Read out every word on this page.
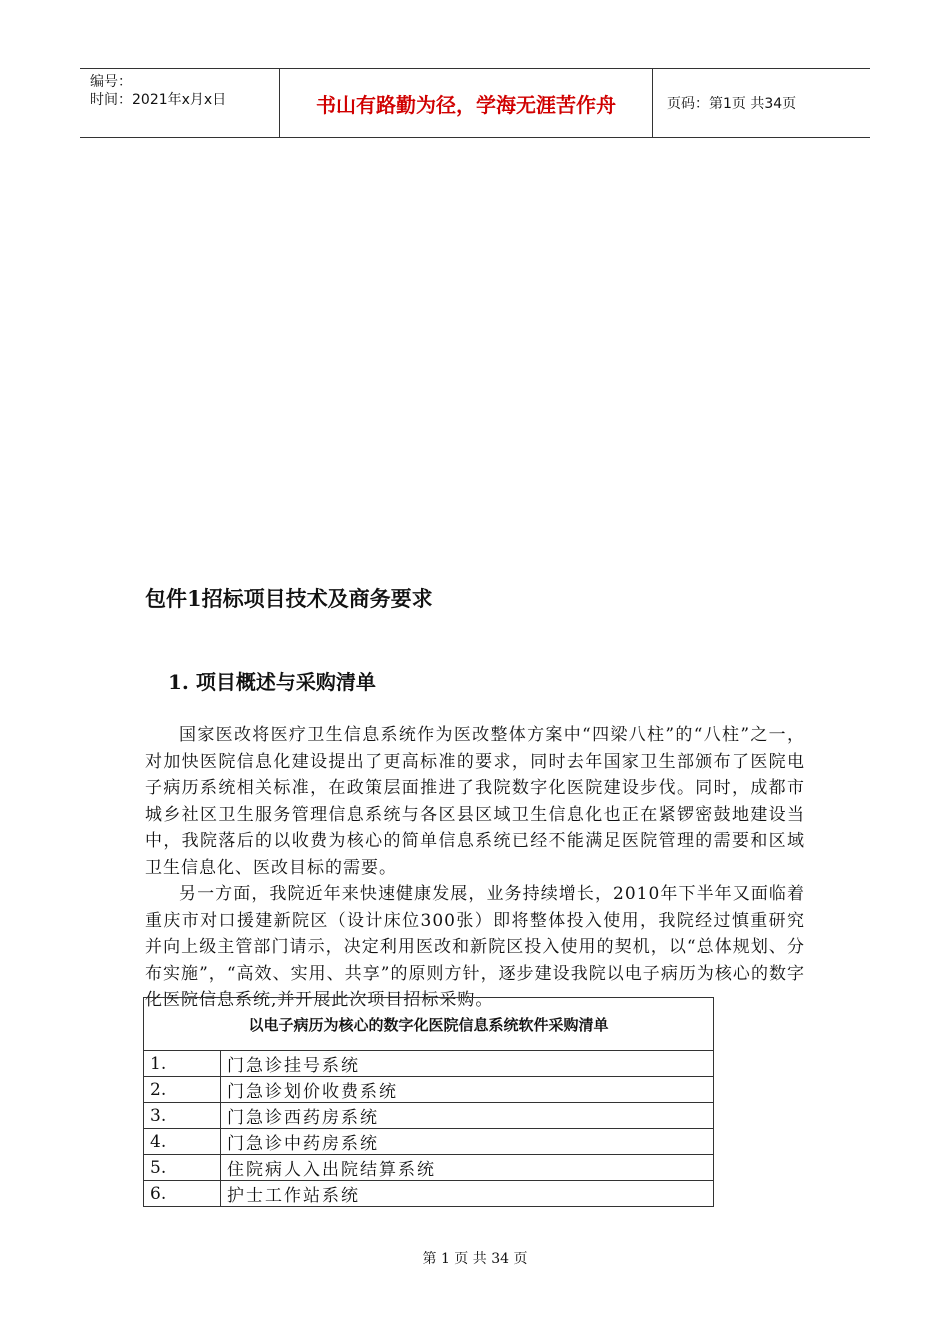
编号：
时间：2021年x月x日	书山有路勤为径，学海无涯苦作舟	页码：第1页 共34页
包件1招标项目技术及商务要求
1. 项目概述与采购清单

国家医改将医疗卫生信息系统作为医改整体方案中“四梁八柱”的“八柱”之一，对加快医院信息化建设提出了更高标准的要求，同时去年国家卫生部颁布了医院电子病历系统相关标准，在政策层面推进了我院数字化医院建设步伐。同时，成都市城乡社区卫生服务管理信息系统与各区县区域卫生信息化也正在紧锣密鼓地建设当中，我院落后的以收费为核心的简单信息系统已经不能满足医院管理的需要和区域卫生信息化、医改目标的需要。

另一方面，我院近年来快速健康发展，业务持续增长，2010年下半年又面临着重庆市对口援建新院区（设计床位300张）即将整体投入使用，我院经过慎重研究并向上级主管部门请示，决定利用医改和新院区投入使用的契机，以“总体规划、分布实施”，“高效、实用、共享”的原则方针，逐步建设我院以电子病历为核心的数字化医院信息系统,并开展此次项目招标采购。

以电子病历为核心的数字化医院信息系统软件采购清单	
1.	门急诊挂号系统
2.	门急诊划价收费系统
3.	门急诊西药房系统
4.	门急诊中药房系统
5.	住院病人入出院结算系统
6.	护士工作站系统
第 1 页 共 34 页
